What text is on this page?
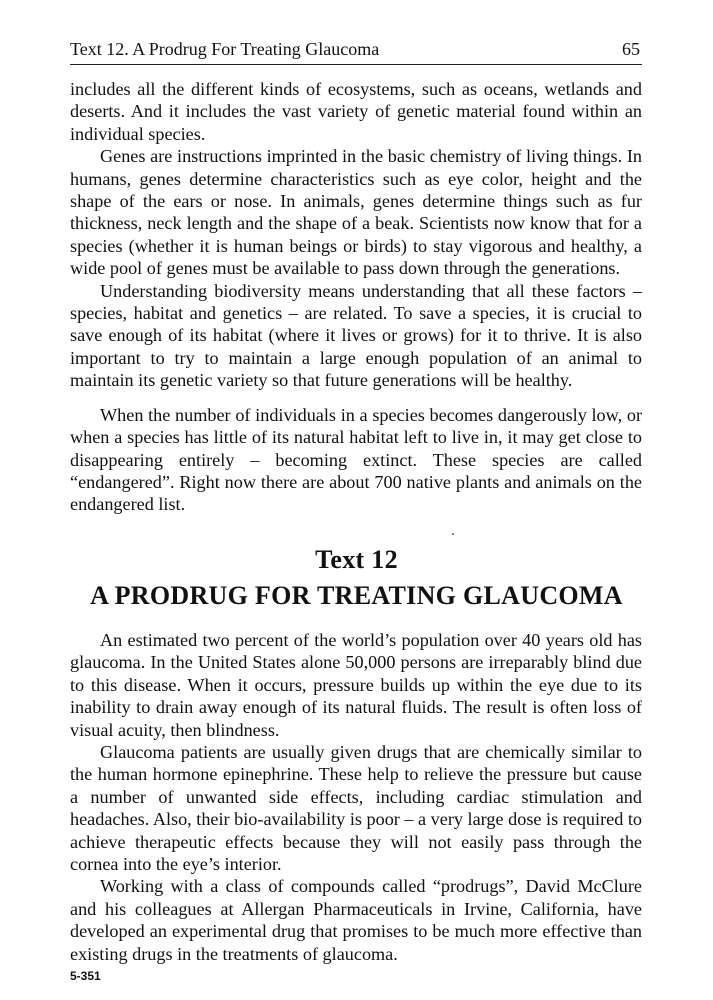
Text 12. A Prodrug For Treating Glaucoma	65

includes all the different kinds of ecosystems, such as oceans, wetlands and deserts. And it includes the vast variety of genetic material found within an individual species.

Genes are instructions imprinted in the basic chemistry of living things. In humans, genes determine characteristics such as eye color, height and the shape of the ears or nose. In animals, genes determine things such as fur thickness, neck length and the shape of a beak. Scientists now know that for a species (whether it is human beings or birds) to stay vigorous and healthy, a wide pool of genes must be available to pass down through the generations.

Understanding biodiversity means understanding that all these factors – species, habitat and genetics – are related. To save a species, it is crucial to save enough of its habitat (where it lives or grows) for it to thrive. It is also important to try to maintain a large enough population of an animal to maintain its genetic variety so that future generations will be healthy.

When the number of individuals in a species becomes dangerously low, or when a species has little of its natural habitat left to live in, it may get close to disappearing entirely – becoming extinct. These species are called “endangered”. Right now there are about 700 native plants and animals on the endangered list.

Text 12
A PRODRUG FOR TREATING GLAUCOMA

An estimated two percent of the world’s population over 40 years old has glaucoma. In the United States alone 50,000 persons are irreparably blind due to this disease. When it occurs, pressure builds up within the eye due to its inability to drain away enough of its natural fluids. The result is often loss of visual acuity, then blindness.

Glaucoma patients are usually given drugs that are chemically similar to the human hormone epinephrine. These help to relieve the pressure but cause a number of unwanted side effects, including cardiac stimulation and headaches. Also, their bio-availability is poor – a very large dose is required to achieve therapeutic effects because they will not easily pass through the cornea into the eye’s interior.

Working with a class of compounds called “prodrugs”, David McClure and his colleagues at Allergan Pharmaceuticals in Irvine, California, have developed an experimental drug that promises to be much more effective than existing drugs in the treatments of glaucoma.

5-351
